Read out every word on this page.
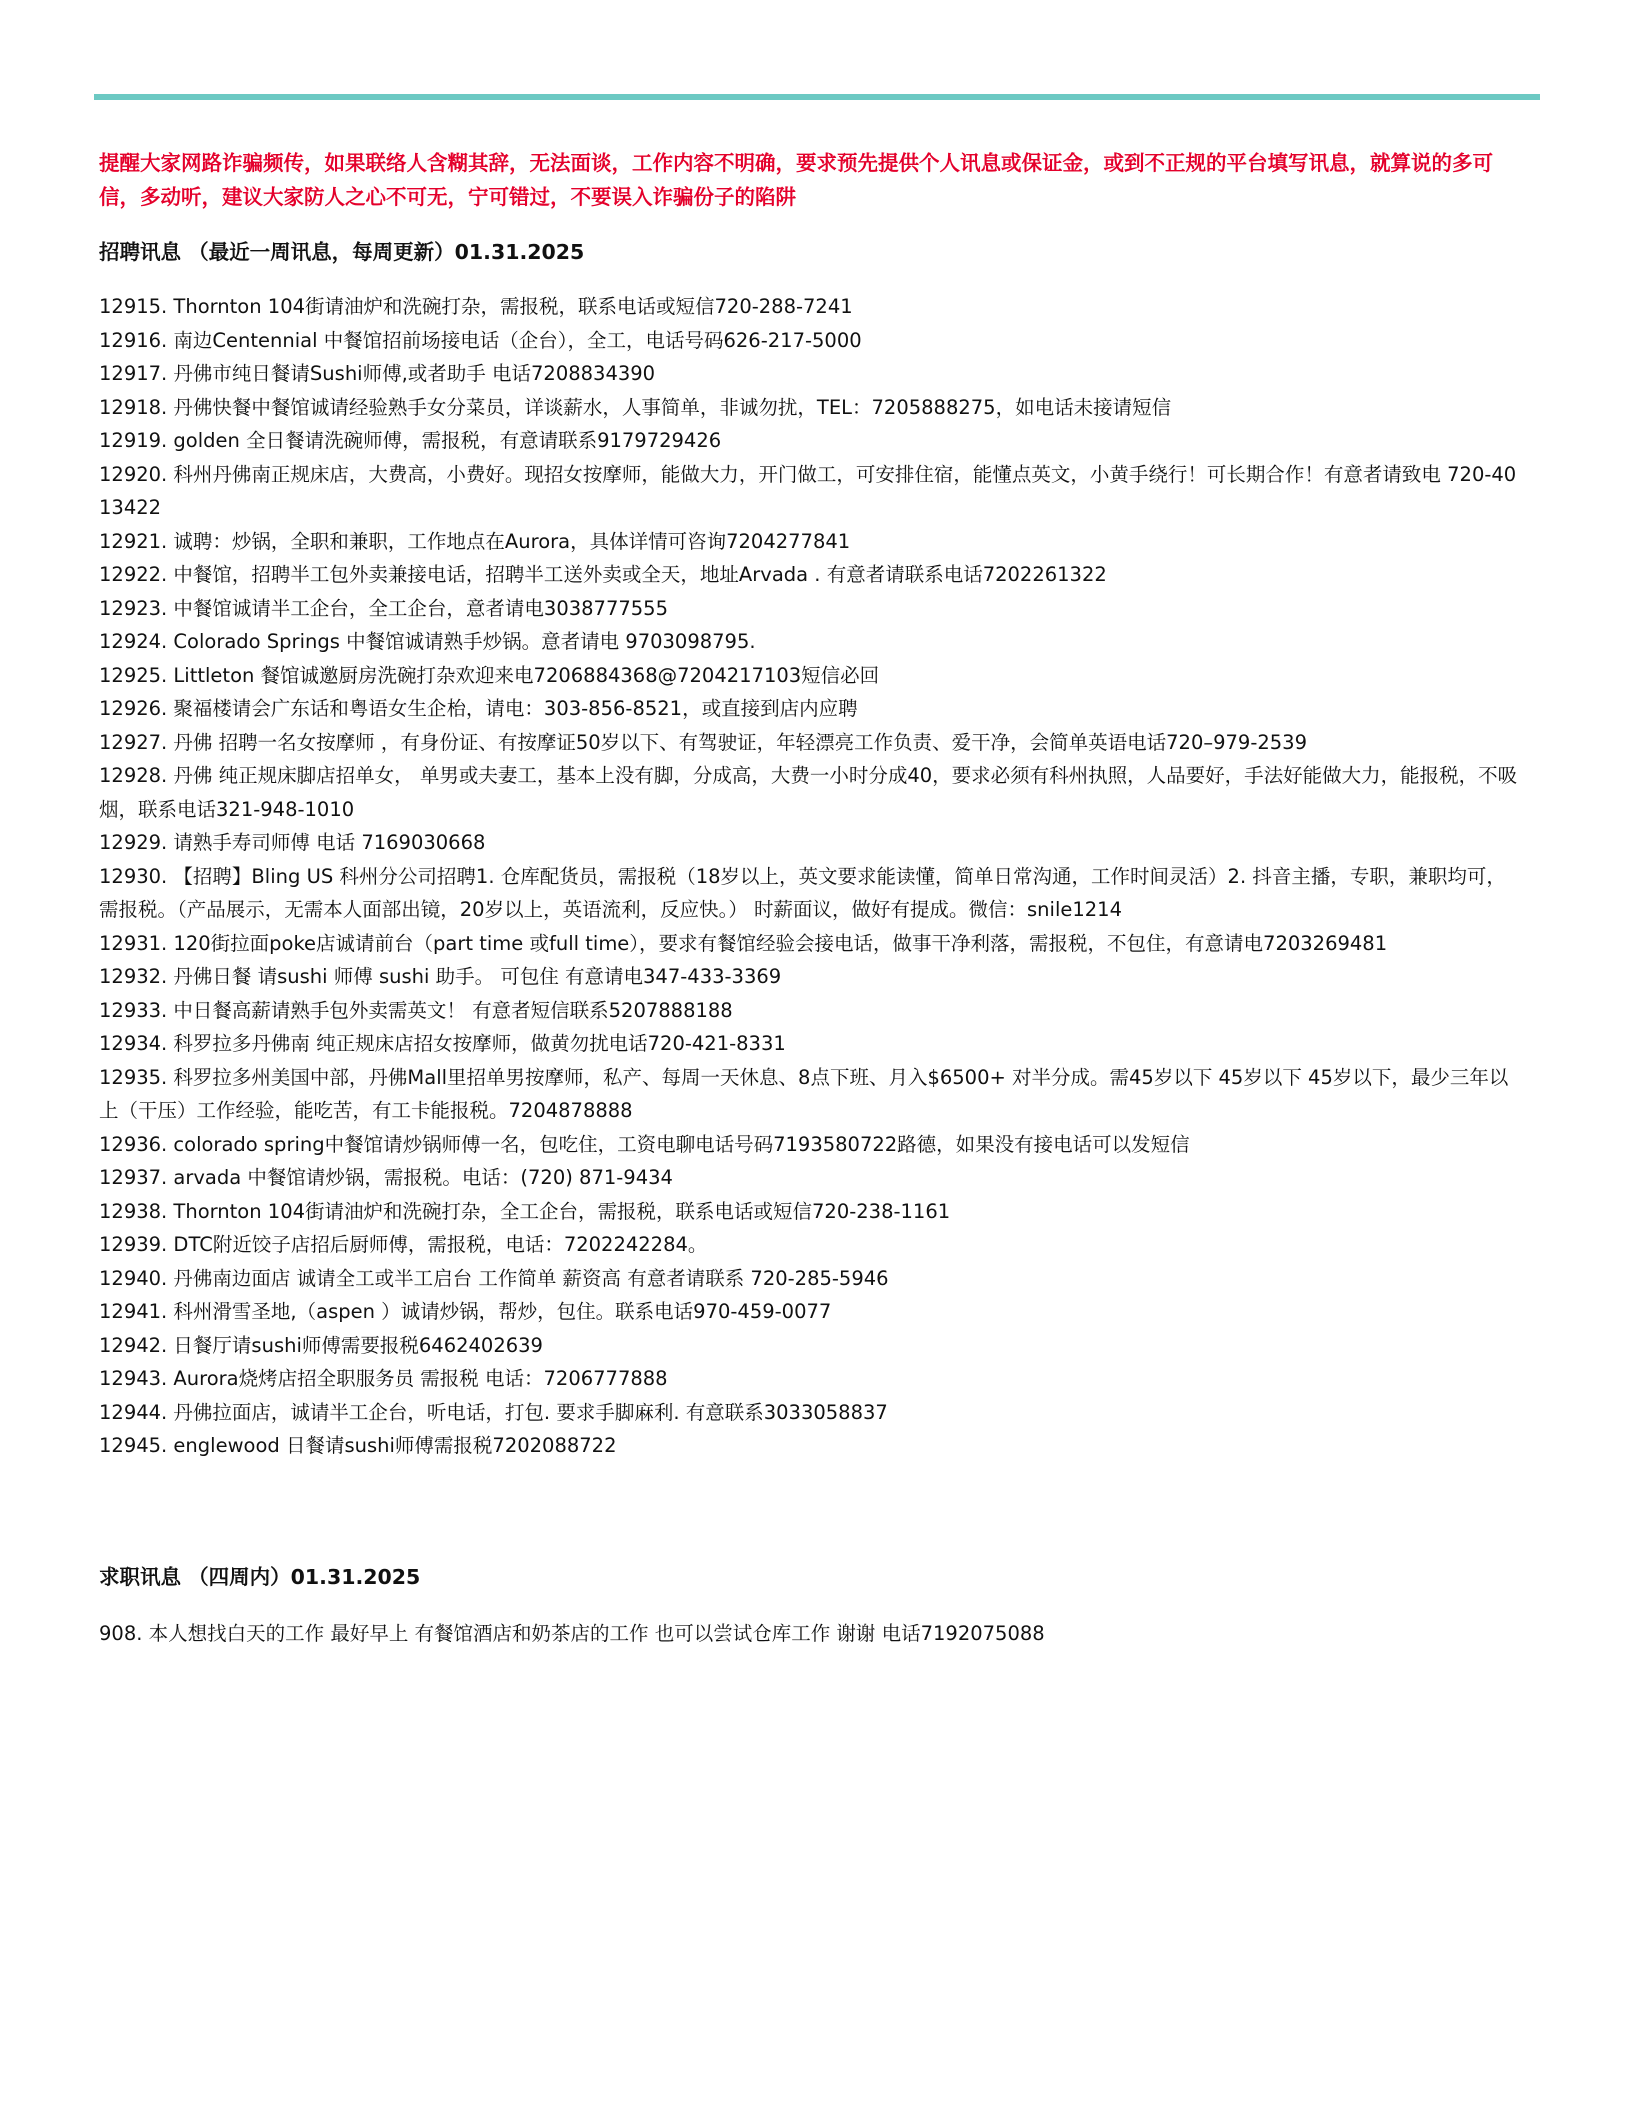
提醒大家网路诈骗频传，如果联络人含糊其辞，无法面谈，工作内容不明确，要求预先提供个人讯息或保证金，或到不正规的平台填写讯息，就算说的多可信，多动听，建议大家防人之心不可无，宁可错过，不要误入诈骗份子的陷阱

招聘讯息 （最近一周讯息，每周更新）01.31.2025
12915. Thornton 104街请油炉和洗碗打杂，需报税，联系电话或短信720-288-7241
12916. 南边Centennial 中餐馆招前场接电话（企台），全工，电话号码626-217-5000
12917. 丹佛市纯日餐请Sushi师傅,或者助手 电话7208834390
12918. 丹佛快餐中餐馆诚请经验熟手女分菜员，详谈薪水，人事简单，非诚勿扰，TEL：7205888275，如电话未接请短信
12919. golden 全日餐请洗碗师傅，需报税，有意请联系9179729426
12920. 科州丹佛南正规床店，大费高，小费好。现招女按摩师，能做大力，开门做工，可安排住宿，能懂点英文，小黄手绕行！可长期合作！有意者请致电 720-4013422
12921. 诚聘：炒锅，全职和兼职，工作地点在Aurora，具体详情可咨询7204277841
12922. 中餐馆，招聘半工包外卖兼接电话，招聘半工送外卖或全天，地址Arvada . 有意者请联系电话7202261322
12923. 中餐馆诚请半工企台，全工企台，意者请电3038777555
12924. Colorado Springs 中餐馆诚请熟手炒锅。意者请电 9703098795.
12925. Littleton 餐馆诚邀厨房洗碗打杂欢迎来电7206884368@7204217103短信必回
12926. 聚福楼请会广东话和粤语女生企枱，请电：303-856-8521，或直接到店内应聘
12927. 丹佛 招聘一名女按摩师 ，有身份证、有按摩证50岁以下、有驾驶证，年轻漂亮工作负责、爱干净，会简单英语电话720–979-2539
12928. 丹佛 纯正规床脚店招单女， 单男或夫妻工，基本上没有脚，分成高，大费一小时分成40，要求必须有科州执照，人品要好，手法好能做大力，能报税，不吸烟，联系电话321-948-1010
12929. 请熟手寿司师傅 电话 7169030668
12930. 【招聘】Bling US 科州分公司招聘1. 仓库配货员，需报税（18岁以上，英文要求能读懂，简单日常沟通，工作时间灵活）2. 抖音主播，专职，兼职均可，需报税。（产品展示，无需本人面部出镜，20岁以上，英语流利，反应快。） 时薪面议，做好有提成。微信：snile1214
12931. 120街拉面poke店诚请前台（part time 或full time），要求有餐馆经验会接电话，做事干净利落，需报税，不包住，有意请电7203269481
12932. 丹佛日餐 请sushi 师傅 sushi 助手。 可包住 有意请电347-433-3369
12933. 中日餐高薪请熟手包外卖需英文！ 有意者短信联系5207888188
12934. 科罗拉多丹佛南 纯正规床店招女按摩师，做黄勿扰电话720-421-8331
12935. 科罗拉多州美国中部，丹佛Mall里招单男按摩师，私产、每周一天休息、8点下班、月入$6500+ 对半分成。需45岁以下 45岁以下 45岁以下，最少三年以上（干压）工作经验，能吃苦，有工卡能报税。7204878888
12936. colorado spring中餐馆请炒锅师傅一名，包吃住，工资电聊电话号码7193580722路德，如果没有接电话可以发短信
12937. arvada 中餐馆请炒锅，需报税。电话：(720) 871-9434
12938. Thornton 104街请油炉和洗碗打杂，全工企台，需报税，联系电话或短信720-238-1161
12939. DTC附近饺子店招后厨师傅，需报税，电话：7202242284。
12940. 丹佛南边面店 诚请全工或半工启台 工作简单 薪资高 有意者请联系 720-285-5946
12941. 科州滑雪圣地,（aspen ）诚请炒锅，帮炒，包住。联系电话970-459-0077
12942. 日餐厅请sushi师傅需要报税6462402639
12943. Aurora烧烤店招全职服务员 需报税 电话：7206777888
12944. 丹佛拉面店，诚请半工企台，听电话，打包. 要求手脚麻利. 有意联系3033058837
12945. englewood 日餐请sushi师傅需报税7202088722
求职讯息 （四周内）01.31.2025
908. 本人想找白天的工作 最好早上 有餐馆酒店和奶茶店的工作 也可以尝试仓库工作 谢谢 电话7192075088
